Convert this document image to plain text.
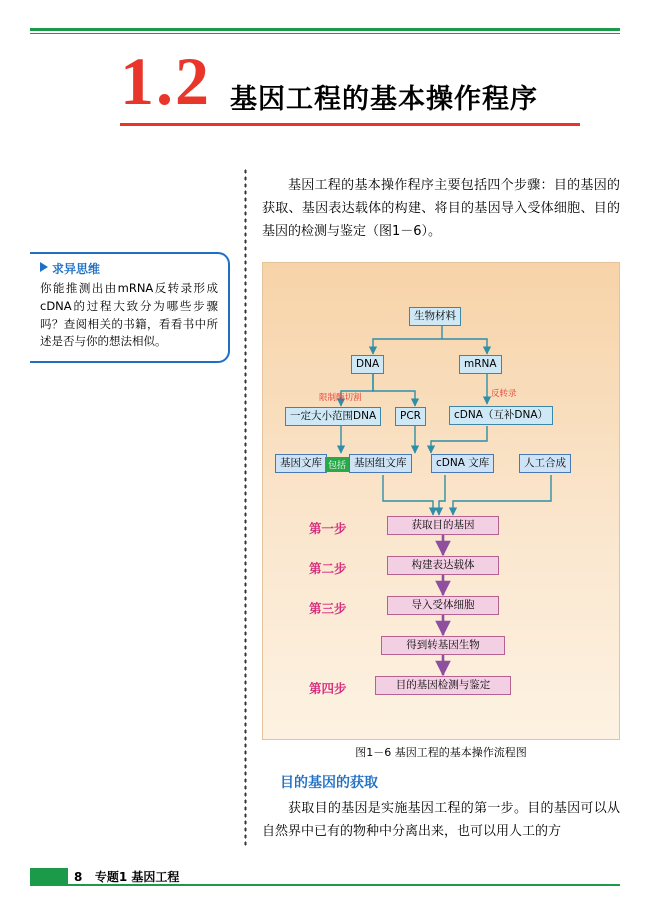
1.2 基因工程的基本操作程序
求异思维
你能推测出由mRNA反转录形成cDNA的过程大致分为哪些步骤吗？查阅相关的书籍，看看书中所述是否与你的想法相似。
基因工程的基本操作程序主要包括四个步骤：目的基因的获取、基因表达载体的构建、将目的基因导入受体细胞、目的基因的检测与鉴定（图1－6）。
生物材料
DNA	mRNA
cDNA（互补DNA）
一定大小范围DNA	PCR
基因文库	基因组文库	cDNA 文库	人工合成
获取目的基因
构建表达载体
导入受体细胞
得到转基因生物
目的基因检测与鉴定
反转录
限制酶切割
包括
第一步
第二步
第三步
第四步
图1－6 基因工程的基本操作流程图
目的基因的获取
获取目的基因是实施基因工程的第一步。目的基因可以从自然界中已有的物种中分离出来，也可以用人工的方
8 专题1 基因工程
